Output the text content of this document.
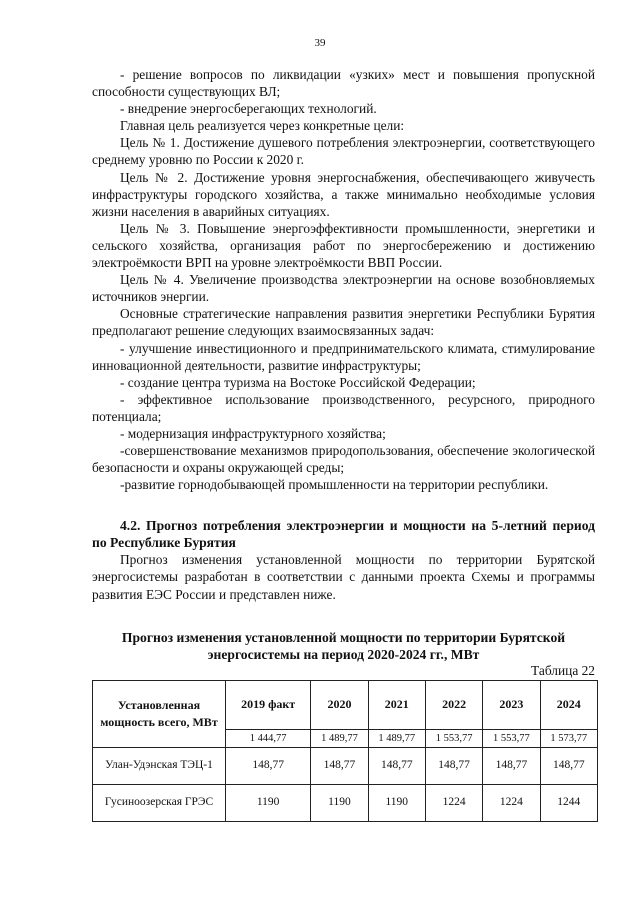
39

- решение вопросов по ликвидации «узких» мест и повышения пропускной способности существующих ВЛ;

- внедрение энергосберегающих технологий.

Главная цель реализуется через конкретные цели:

Цель № 1. Достижение душевого потребления электроэнергии, соответствующего среднему уровню по России к 2020 г.

Цель № 2. Достижение уровня энергоснабжения, обеспечивающего живучесть инфраструктуры городского хозяйства, а также минимально необходимые условия жизни населения в аварийных ситуациях.

Цель № 3. Повышение энергоэффективности промышленности, энергетики и сельского хозяйства, организация работ по энергосбережению и достижению электроёмкости ВРП на уровне электроёмкости ВВП России.

Цель № 4. Увеличение производства электроэнергии на основе возобновляемых источников энергии.

Основные стратегические направления развития энергетики Республики Бурятия предполагают решение следующих взаимосвязанных задач:

- улучшение инвестиционного и предпринимательского климата, стимулирование инновационной деятельности, развитие инфраструктуры;

- создание центра туризма на Востоке Российской Федерации;

- эффективное использование производственного, ресурсного, природного потенциала;

- модернизация инфраструктурного хозяйства;

-совершенствование механизмов природопользования, обеспечение экологической безопасности и охраны окружающей среды;

-развитие горнодобывающей промышленности на территории республики.

4.2. Прогноз потребления электроэнергии и мощности на 5-летний период по Республике Бурятия

Прогноз изменения установленной мощности по территории Бурятской энергосистемы разработан в соответствии с данными проекта Схемы и программы развития ЕЭС России и представлен ниже.

Прогноз изменения установленной мощности по территории Бурятской энергосистемы на период 2020-2024 гг., МВт

Таблица 22

Установленная мощность всего, МВт	2019 факт	2020	2021	2022	2023	2024
	1 444,77	1 489,77	1 489,77	1 553,77	1 553,77	1 573,77
Улан-Удэнская ТЭЦ-1	148,77	148,77	148,77	148,77	148,77	148,77
Гусиноозерская ГРЭС	1190	1190	1190	1224	1224	1244
